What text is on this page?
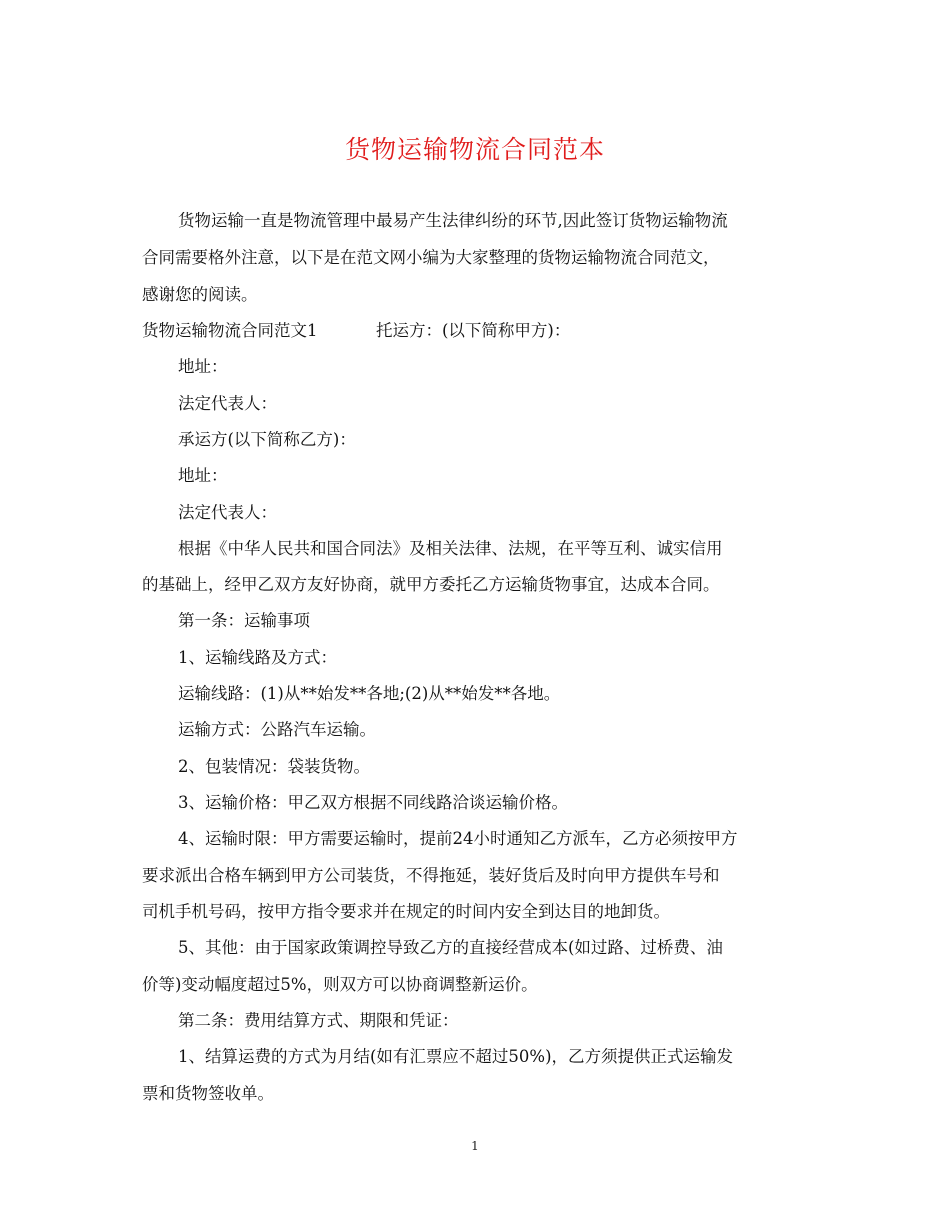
货物运输物流合同范本
货物运输一直是物流管理中最易产生法律纠纷的环节,因此签订货物运输物流
合同需要格外注意，以下是在范文网小编为大家整理的货物运输物流合同范文，
感谢您的阅读。
货物运输物流合同范文1	托运方：(以下简称甲方)：
地址：
法定代表人：
承运方(以下简称乙方)：
地址：
法定代表人：
根据《中华人民共和国合同法》及相关法律、法规，在平等互利、诚实信用
的基础上，经甲乙双方友好协商，就甲方委托乙方运输货物事宜，达成本合同。
第一条：运输事项
1、运输线路及方式：
运输线路：(1)从**始发**各地;(2)从**始发**各地。
运输方式：公路汽车运输。
2、包装情况：袋装货物。
3、运输价格：甲乙双方根据不同线路洽谈运输价格。
4、运输时限：甲方需要运输时，提前24小时通知乙方派车，乙方必须按甲方
要求派出合格车辆到甲方公司装货，不得拖延，装好货后及时向甲方提供车号和
司机手机号码，按甲方指令要求并在规定的时间内安全到达目的地卸货。
5、其他：由于国家政策调控导致乙方的直接经营成本(如过路、过桥费、油
价等)变动幅度超过5%，则双方可以协商调整新运价。
第二条：费用结算方式、期限和凭证：
1、结算运费的方式为月结(如有汇票应不超过50%)，乙方须提供正式运输发
票和货物签收单。
1
